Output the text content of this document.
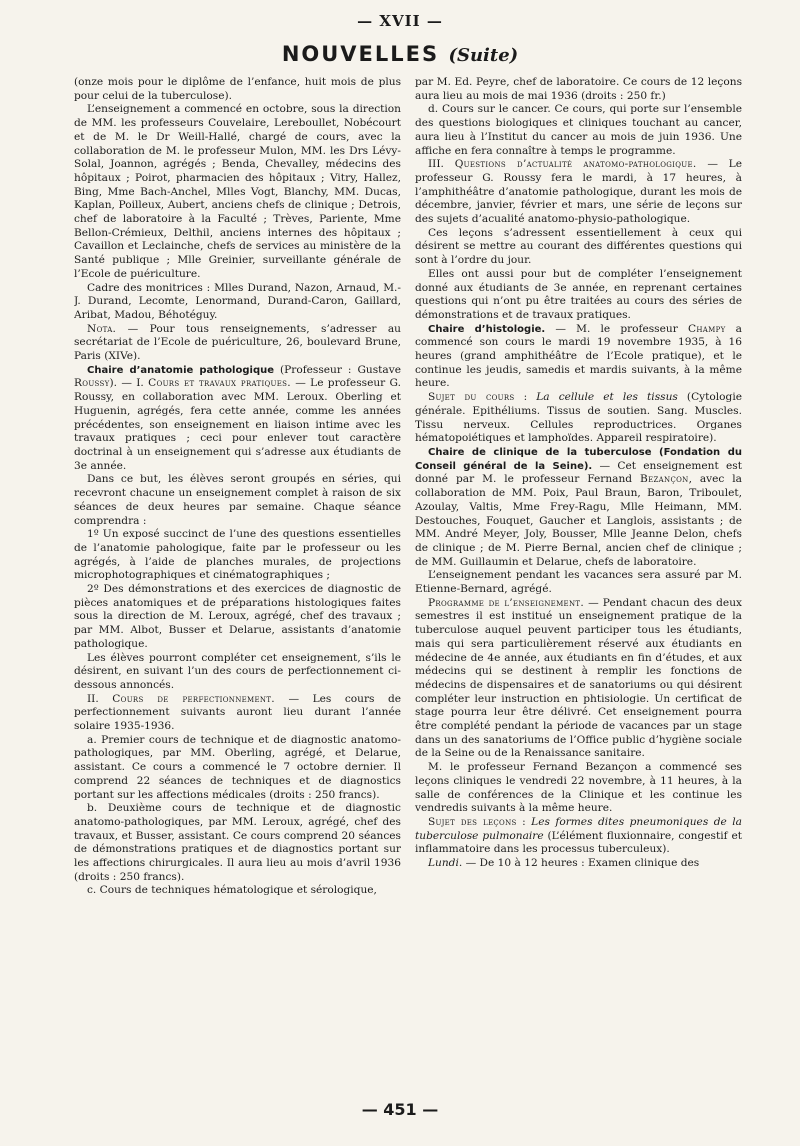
— XVII —
NOUVELLES (Suite)

(onze mois pour le diplôme de l’enfance, huit mois de plus pour celui de la tuberculose).

L’enseignement a commencé en octobre, sous la direction de MM. les professeurs Couvelaire, Lereboullet, Nobécourt et de M. le Dr Weill-Hallé, chargé de cours, avec la collaboration de M. le professeur Mulon, MM. les Drs Lévy-Solal, Joannon, agrégés ; Benda, Chevalley, médecins des hôpitaux ; Poirot, pharmacien des hôpitaux ; Vitry, Hallez, Bing, Mme Bach-Anchel, Mlles Vogt, Blanchy, MM. Ducas, Kaplan, Poilleux, Aubert, anciens chefs de clinique ; Detrois, chef de laboratoire à la Faculté ; Trèves, Pariente, Mme Bellon-Crémieux, Delthil, anciens internes des hôpitaux ; Cavaillon et Leclainche, chefs de services au ministère de la Santé publique ; Mlle Greinier, surveillante générale de l’Ecole de puériculture.

Cadre des monitrices : Mlles Durand, Nazon, Arnaud, M.-J. Durand, Lecomte, Lenormand, Durand-Caron, Gaillard, Aribat, Madou, Béhotéguy.

Nota. — Pour tous renseignements, s’adresser au secrétariat de l’Ecole de puériculture, 26, boulevard Brune, Paris (XIVe).

Chaire d’anatomie pathologique (Professeur : Gustave Roussy). — I. Cours et travaux pratiques. — Le professeur G. Roussy, en collaboration avec MM. Leroux. Oberling et Huguenin, agrégés, fera cette année, comme les années précédentes, son enseignement en liaison intime avec les travaux pratiques ; ceci pour enlever tout caractère doctrinal à un enseignement qui s’adresse aux étudiants de 3e année.

Dans ce but, les élèves seront groupés en séries, qui recevront chacune un enseignement complet à raison de six séances de deux heures par semaine. Chaque séance comprendra :

1º Un exposé succinct de l’une des questions essentielles de l’anatomie pahologique, faite par le professeur ou les agrégés, à l’aide de planches murales, de projections microphotographiques et cinématographiques ;

2º Des démonstrations et des exercices de diagnostic de pièces anatomiques et de préparations histologiques faites sous la direction de M. Leroux, agrégé, chef des travaux ; par MM. Albot, Busser et Delarue, assistants d’anatomie pathologique.

Les élèves pourront compléter cet enseignement, s’ils le désirent, en suivant l’un des cours de perfectionnement ci-dessous annoncés.

II. Cours de perfectionnement. — Les cours de perfectionnement suivants auront lieu durant l’année solaire 1935-1936.

a. Premier cours de technique et de diagnostic anatomo-pathologiques, par MM. Oberling, agrégé, et Delarue, assistant. Ce cours a commencé le 7 octobre dernier. Il comprend 22 séances de techniques et de diagnostics portant sur les affections médicales (droits : 250 francs).

b. Deuxième cours de technique et de diagnostic anatomo-pathologiques, par MM. Leroux, agrégé, chef des travaux, et Busser, assistant. Ce cours comprend 20 séances de démonstrations pratiques et de diagnostics portant sur les affections chirurgicales. Il aura lieu au mois d’avril 1936 (droits : 250 francs).

c. Cours de techniques hématologique et sérologique,

par M. Ed. Peyre, chef de laboratoire. Ce cours de 12 leçons aura lieu au mois de mai 1936 (droits : 250 fr.)

d. Cours sur le cancer. Ce cours, qui porte sur l’ensemble des questions biologiques et cliniques touchant au cancer, aura lieu à l’Institut du cancer au mois de juin 1936. Une affiche en fera connaître à temps le programme.

III. Questions d’actualité anatomo-pathologique. — Le professeur G. Roussy fera le mardi, à 17 heures, à l’amphithéâtre d’anatomie pathologique, durant les mois de décembre, janvier, février et mars, une série de leçons sur des sujets d’acualité anatomo-physio-pathologique.

Ces leçons s’adressent essentiellement à ceux qui désirent se mettre au courant des différentes questions qui sont à l’ordre du jour.

Elles ont aussi pour but de compléter l’enseignement donné aux étudiants de 3e année, en reprenant certaines questions qui n’ont pu être traitées au cours des séries de démonstrations et de travaux pratiques.

Chaire d’histologie. — M. le professeur Champy a commencé son cours le mardi 19 novembre 1935, à 16 heures (grand amphithéâtre de l’Ecole pratique), et le continue les jeudis, samedis et mardis suivants, à la même heure.

Sujet du cours : La cellule et les tissus (Cytologie générale. Epithéliums. Tissus de soutien. Sang. Muscles. Tissu nerveux. Cellules reproductrices. Organes hématopoiétiques et lamphoïdes. Appareil respiratoire).

Chaire de clinique de la tuberculose (Fondation du Conseil général de la Seine). — Cet enseignement est donné par M. le professeur Fernand Bezançon, avec la collaboration de MM. Poix, Paul Braun, Baron, Triboulet, Azoulay, Valtis, Mme Frey-Ragu, Mlle Heimann, MM. Destouches, Fouquet, Gaucher et Langlois, assistants ; de MM. André Meyer, Joly, Bousser, Mlle Jeanne Delon, chefs de clinique ; de M. Pierre Bernal, ancien chef de clinique ; de MM. Guillaumin et Delarue, chefs de laboratoire.

L’enseignement pendant les vacances sera assuré par M. Etienne-Bernard, agrégé.

Programme de l’enseignement. — Pendant chacun des deux semestres il est institué un enseignement pratique de la tuberculose auquel peuvent participer tous les étudiants, mais qui sera particulièrement réservé aux étudiants en médecine de 4e année, aux étudiants en fin d’études, et aux médecins qui se destinent à remplir les fonctions de médecins de dispensaires et de sanatoriums ou qui désirent compléter leur instruction en phtisiologie. Un certificat de stage pourra leur être délivré. Cet enseignement pourra être complété pendant la période de vacances par un stage dans un des sanatoriums de l’Office public d’hygiène sociale de la Seine ou de la Renaissance sanitaire.

M. le professeur Fernand Bezançon a commencé ses leçons cliniques le vendredi 22 novembre, à 11 heures, à la salle de conférences de la Clinique et les continue les vendredis suivants à la même heure.

Sujet des leçons : Les formes dites pneumoniques de la tuberculose pulmonaire (L’élément fluxionnaire, congestif et inflammatoire dans les processus tuberculeux).

Lundi. — De 10 à 12 heures : Examen clinique des

— 451 —
